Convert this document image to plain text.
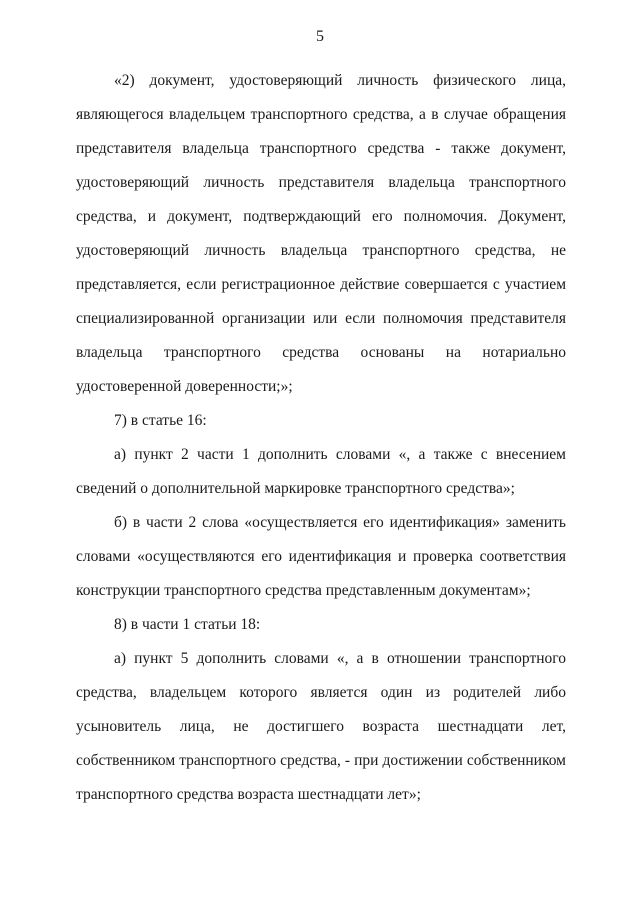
5
«2) документ, удостоверяющий личность физического лица,
являющегося владельцем транспортного средства, а в случае обращения
представителя владельца транспортного средства - также документ,
удостоверяющий личность представителя владельца транспортного
средства, и документ, подтверждающий его полномочия. Документ,
удостоверяющий личность владельца транспортного средства, не
представляется, если регистрационное действие совершается с участием
специализированной организации или если полномочия представителя
владельца транспортного средства основаны на нотариально
удостоверенной доверенности;»;
7) в статье 16:
а) пункт 2 части 1 дополнить словами «, а также с внесением
сведений о дополнительной маркировке транспортного средства»;
б) в части 2 слова «осуществляется его идентификация» заменить
словами «осуществляются его идентификация и проверка соответствия
конструкции транспортного средства представленным документам»;
8) в части 1 статьи 18:
а) пункт 5 дополнить словами «, а в отношении транспортного
средства, владельцем которого является один из родителей либо
усыновитель лица, не достигшего возраста шестнадцати лет,
собственником транспортного средства, - при достижении собственником
транспортного средства возраста шестнадцати лет»;
